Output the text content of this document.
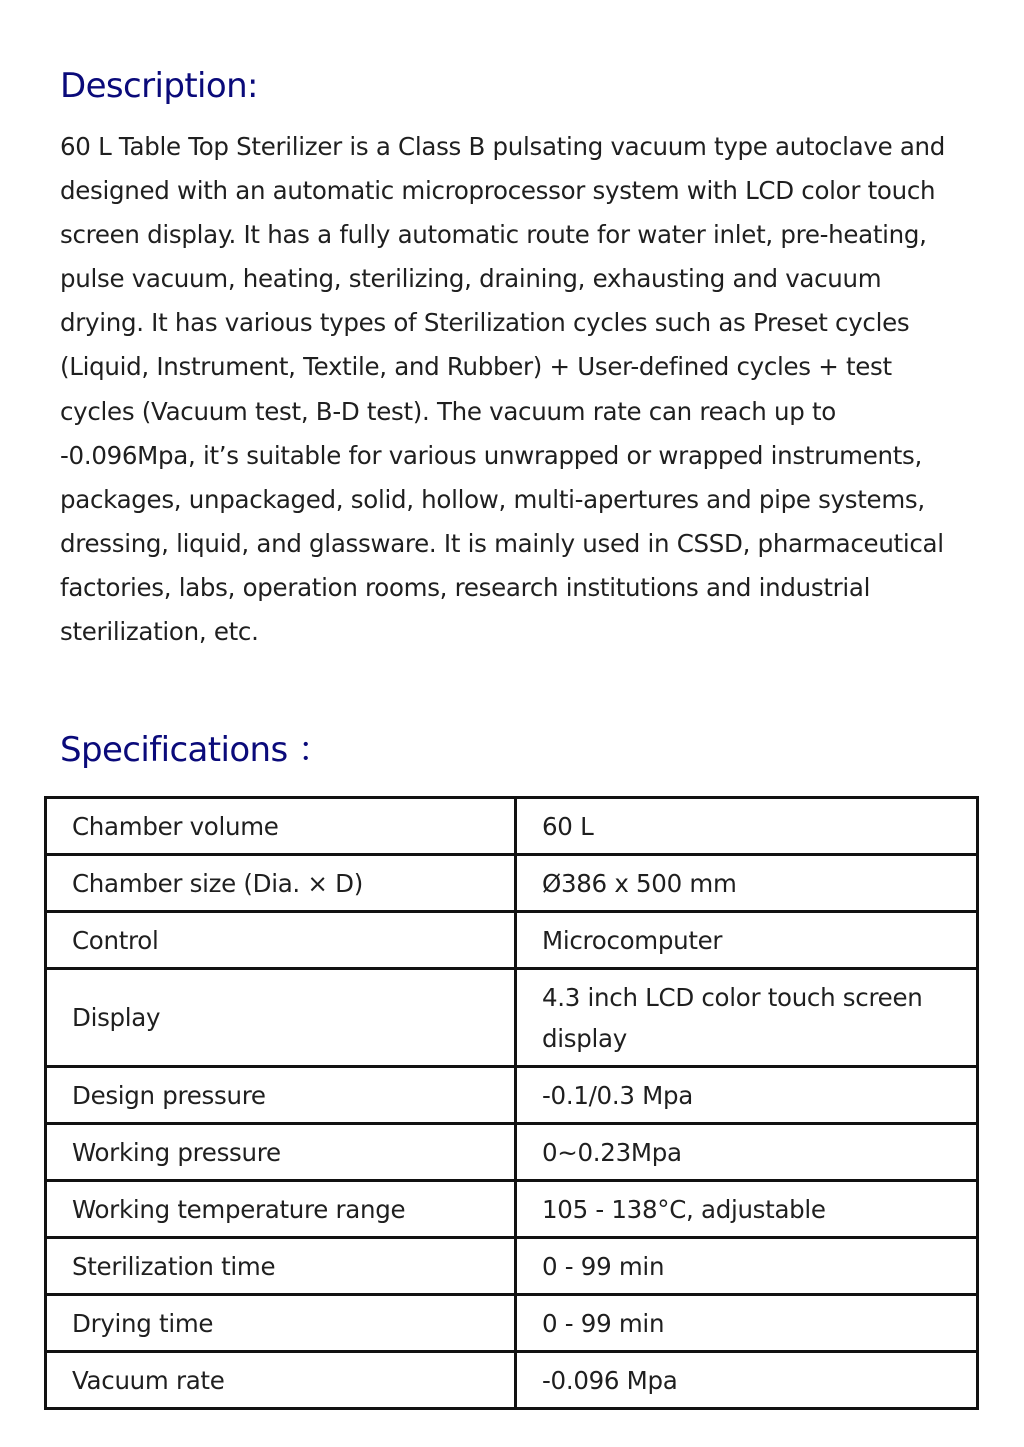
Description:

60 L Table Top Sterilizer is a Class B pulsating vacuum type autoclave and designed with an automatic microprocessor system with LCD color touch screen display. It has a fully automatic route for water inlet, pre-heating, pulse vacuum, heating, sterilizing, draining, exhausting and vacuum drying. It has various types of Sterilization cycles such as Preset cycles (Liquid, Instrument, Textile, and Rubber) + User-defined cycles + test cycles (Vacuum test, B-D test). The vacuum rate can reach up to -0.096Mpa, it’s suitable for various unwrapped or wrapped instruments, packages, unpackaged, solid, hollow, multi-apertures and pipe systems, dressing, liquid, and glassware. It is mainly used in CSSD, pharmaceutical factories, labs, operation rooms, research institutions and industrial sterilization, etc.

Specifications ：
Chamber volume	60 L
Chamber size (Dia. × D)	Ø386 x 500 mm
Control	Microcomputer
Display	4.3 inch LCD color touch screen display
Design pressure	-0.1/0.3 Mpa
Working pressure	0~0.23Mpa
Working temperature range	105 - 138°C, adjustable
Sterilization time	0 - 99 min
Drying time	0 - 99 min
Vacuum rate	-0.096 Mpa
